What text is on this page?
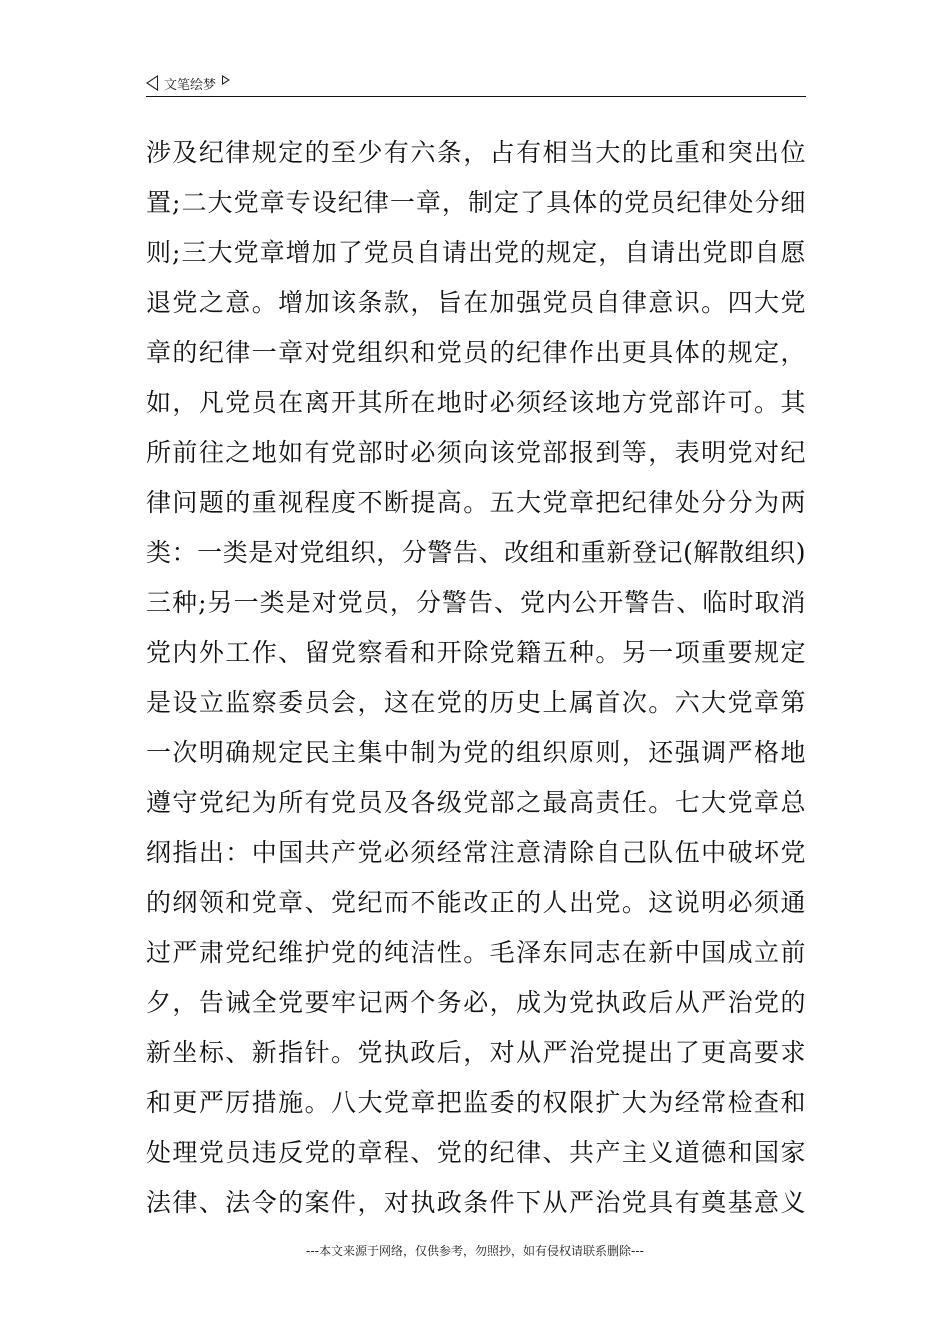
文笔绘梦
涉及纪律规定的至少有六条，占有相当大的比重和突出位
置;二大党章专设纪律一章，制定了具体的党员纪律处分细
则;三大党章增加了党员自请出党的规定，自请出党即自愿
退党之意。增加该条款，旨在加强党员自律意识。四大党
章的纪律一章对党组织和党员的纪律作出更具体的规定，
如，凡党员在离开其所在地时必须经该地方党部许可。其
所前往之地如有党部时必须向该党部报到等，表明党对纪
律问题的重视程度不断提高。五大党章把纪律处分分为两
类：一类是对党组织，分警告、改组和重新登记(解散组织)
三种;另一类是对党员，分警告、党内公开警告、临时取消
党内外工作、留党察看和开除党籍五种。另一项重要规定
是设立监察委员会，这在党的历史上属首次。六大党章第
一次明确规定民主集中制为党的组织原则，还强调严格地
遵守党纪为所有党员及各级党部之最高责任。七大党章总
纲指出：中国共产党必须经常注意清除自己队伍中破坏党
的纲领和党章、党纪而不能改正的人出党。这说明必须通
过严肃党纪维护党的纯洁性。毛泽东同志在新中国成立前
夕，告诫全党要牢记两个务必，成为党执政后从严治党的
新坐标、新指针。党执政后，对从严治党提出了更高要求
和更严厉措施。八大党章把监委的权限扩大为经常检查和
处理党员违反党的章程、党的纪律、共产主义道德和国家
法律、法令的案件，对执政条件下从严治党具有奠基意义
---本文来源于网络，仅供参考，勿照抄，如有侵权请联系删除---
